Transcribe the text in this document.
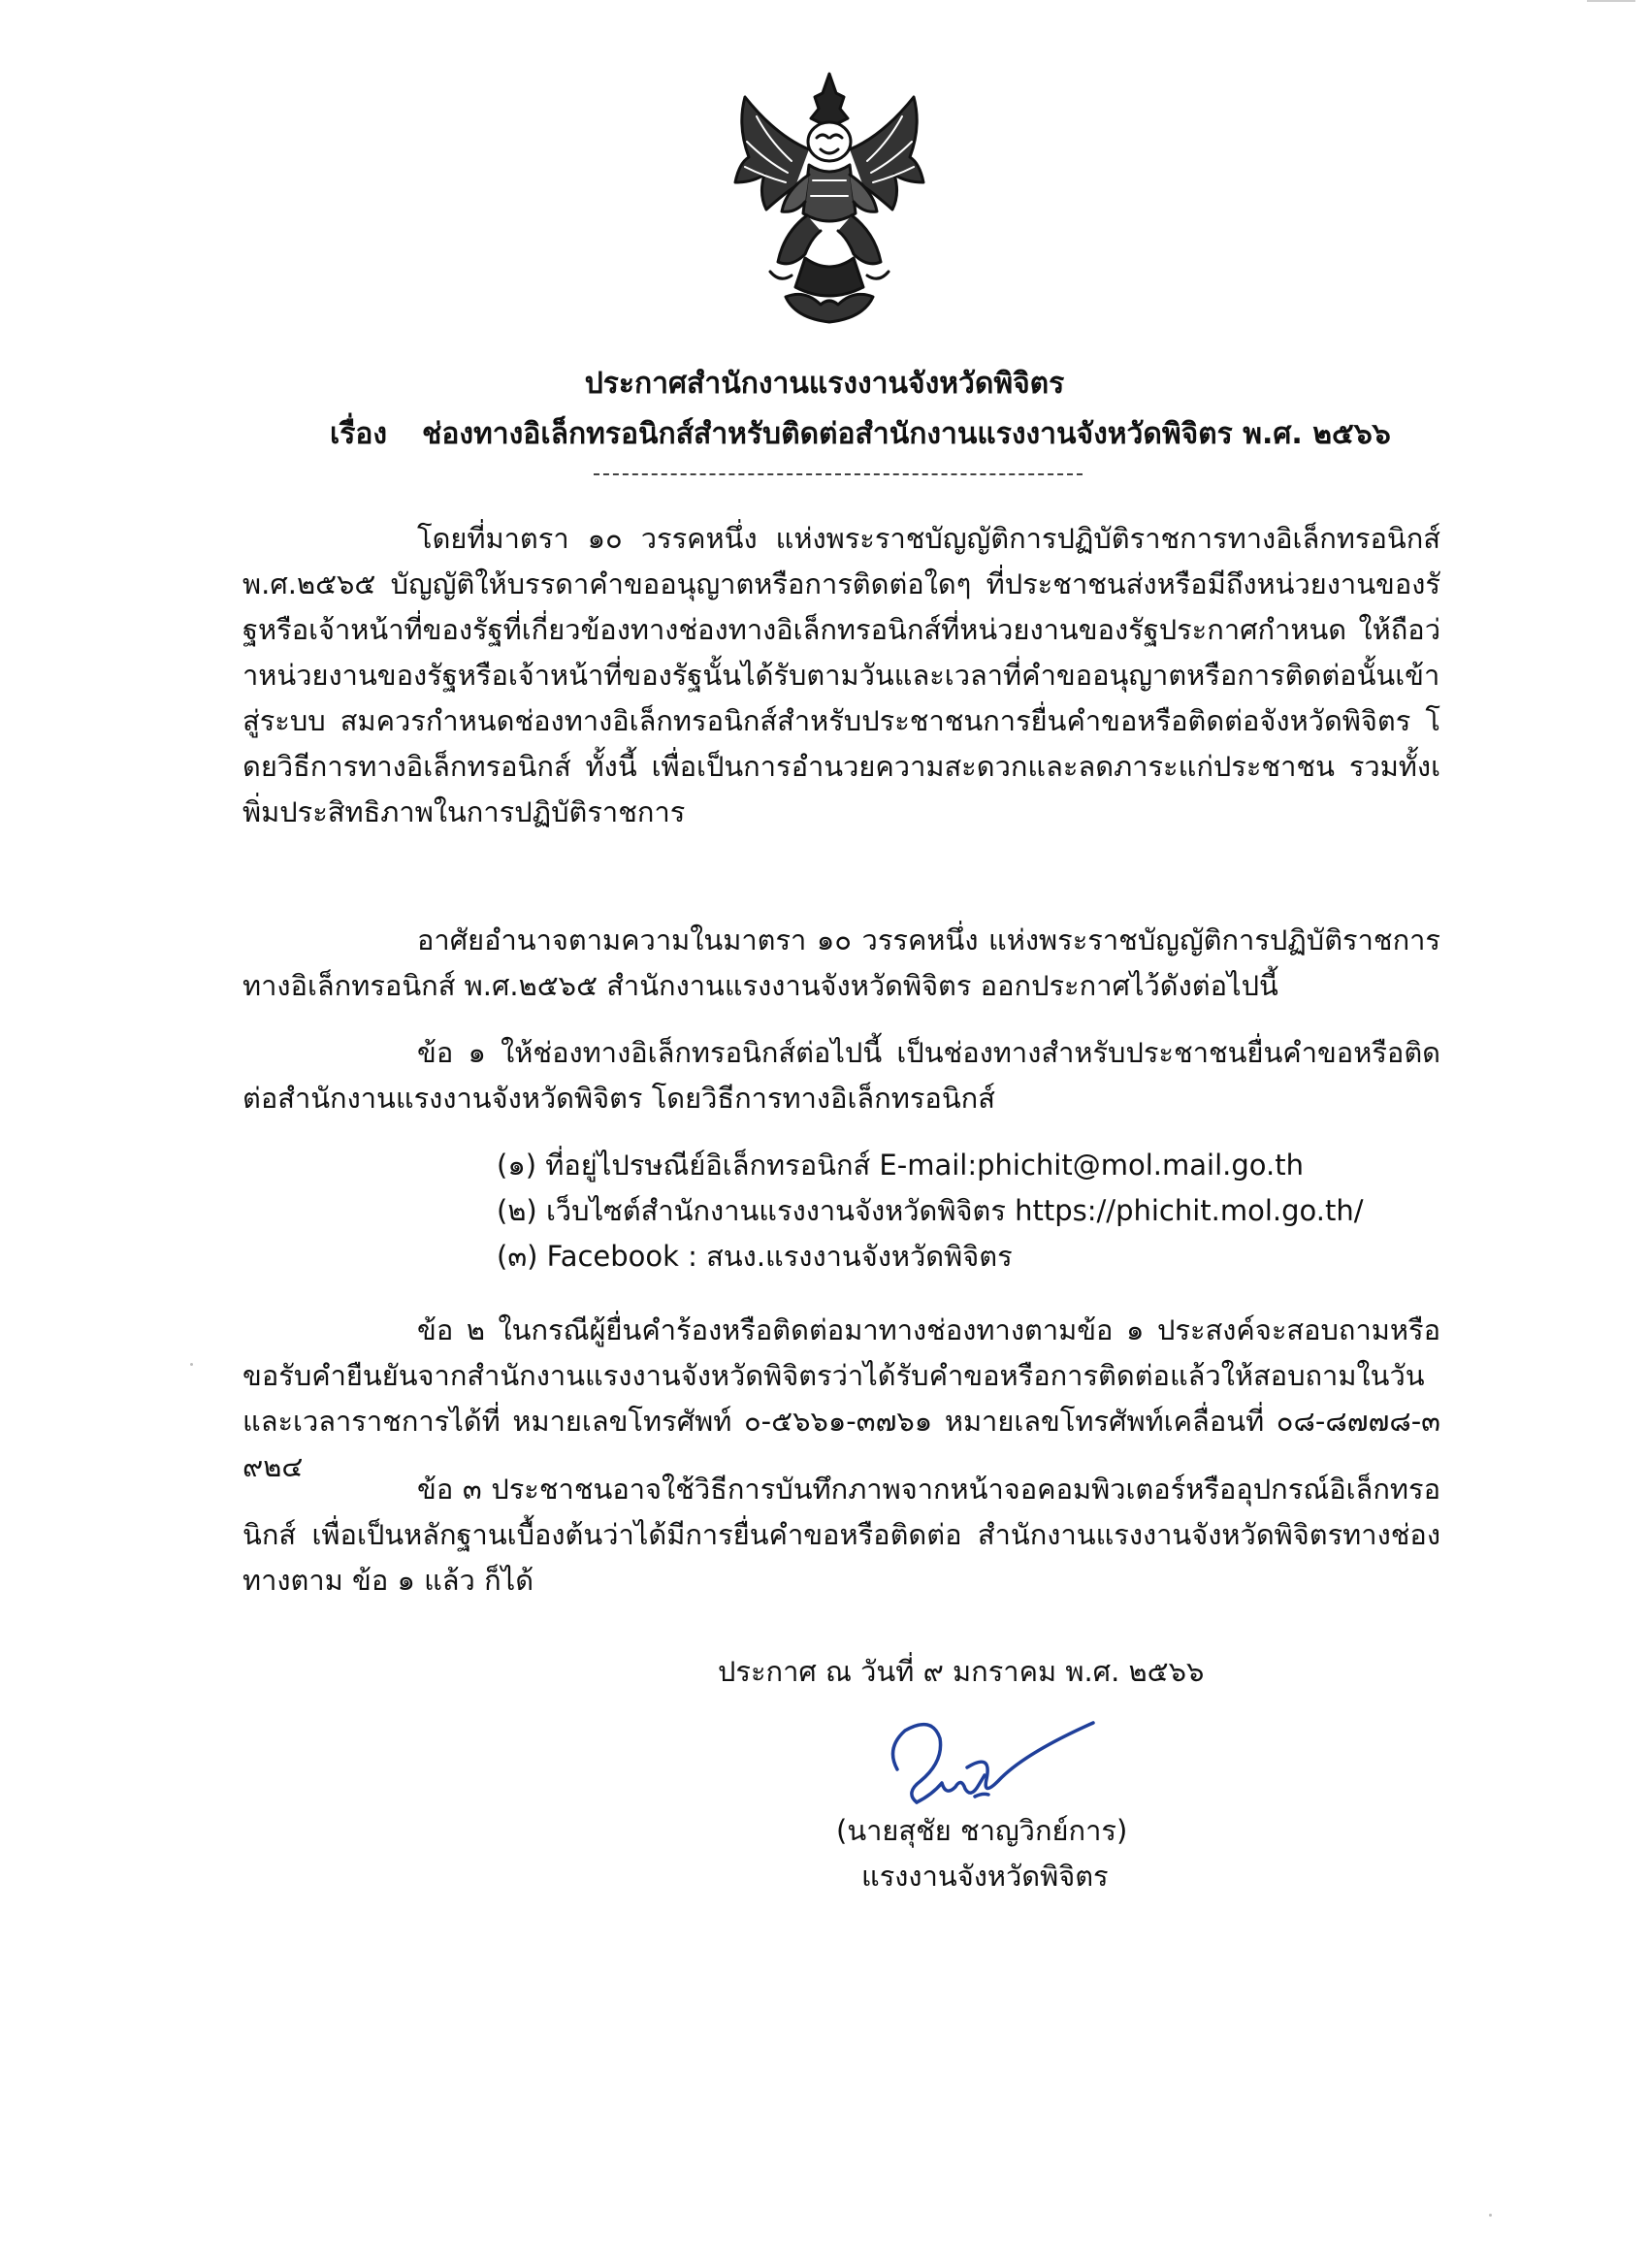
ประกาศสำนักงานแรงงานจังหวัดพิจิตร
เรื่อง ช่องทางอิเล็กทรอนิกส์สำหรับติดต่อสำนักงานแรงงานจังหวัดพิจิตร พ.ศ. ๒๕๖๖
โดยที่มาตรา ๑๐ วรรคหนึ่ง แห่งพระราชบัญญัติการปฏิบัติราชการทางอิเล็กทรอนิกส์ พ.ศ.๒๕๖๕ บัญญัติให้บรรดาคำขออนุญาตหรือการติดต่อใดๆ ที่ประชาชนส่งหรือมีถึงหน่วยงานของรัฐหรือเจ้าหน้าที่ของรัฐที่เกี่ยวข้องทางช่องทางอิเล็กทรอนิกส์ที่หน่วยงานของรัฐประกาศกำหนด ให้ถือว่าหน่วยงานของรัฐหรือเจ้าหน้าที่ของรัฐนั้นได้รับตามวันและเวลาที่คำขออนุญาตหรือการติดต่อนั้นเข้าสู่ระบบ สมควรกำหนดช่องทางอิเล็กทรอนิกส์สำหรับประชาชนการยื่นคำขอหรือติดต่อจังหวัดพิจิตร โดยวิธีการทางอิเล็กทรอนิกส์ ทั้งนี้ เพื่อเป็นการอำนวยความสะดวกและลดภาระแก่ประชาชน รวมทั้งเพิ่มประสิทธิภาพในการปฏิบัติราชการ
อาศัยอำนาจตามความในมาตรา ๑๐ วรรคหนึ่ง แห่งพระราชบัญญัติการปฏิบัติราชการทางอิเล็กทรอนิกส์ พ.ศ.๒๕๖๕ สำนักงานแรงงานจังหวัดพิจิตร ออกประกาศไว้ดังต่อไปนี้
ข้อ ๑ ให้ช่องทางอิเล็กทรอนิกส์ต่อไปนี้ เป็นช่องทางสำหรับประชาชนยื่นคำขอหรือติดต่อสำนักงานแรงงานจังหวัดพิจิตร โดยวิธีการทางอิเล็กทรอนิกส์
(๑) ที่อยู่ไปรษณีย์อิเล็กทรอนิกส์ E-mail:phichit@mol.mail.go.th
(๒) เว็บไซต์สำนักงานแรงงานจังหวัดพิจิตร https://phichit.mol.go.th/
(๓) Facebook : สนง.แรงงานจังหวัดพิจิตร
ข้อ ๒ ในกรณีผู้ยื่นคำร้องหรือติดต่อมาทางช่องทางตามข้อ ๑ ประสงค์จะสอบถามหรือขอรับคำยืนยันจากสำนักงานแรงงานจังหวัดพิจิตรว่าได้รับคำขอหรือการติดต่อแล้วให้สอบถามในวันและเวลาราชการได้ที่ หมายเลขโทรศัพท์ ๐-๕๖๖๑-๓๗๖๑ หมายเลขโทรศัพท์เคลื่อนที่ ๐๘-๘๗๗๘-๓๙๒๔
ข้อ ๓ ประชาชนอาจใช้วิธีการบันทึกภาพจากหน้าจอคอมพิวเตอร์หรืออุปกรณ์อิเล็กทรอนิกส์ เพื่อเป็นหลักฐานเบื้องต้นว่าได้มีการยื่นคำขอหรือติดต่อ สำนักงานแรงงานจังหวัดพิจิตรทางช่องทางตาม ข้อ ๑ แล้ว ก็ได้
ประกาศ ณ วันที่ ๙ มกราคม พ.ศ. ๒๕๖๖
(นายสุชัย ชาญวิกย์การ)
แรงงานจังหวัดพิจิตร
